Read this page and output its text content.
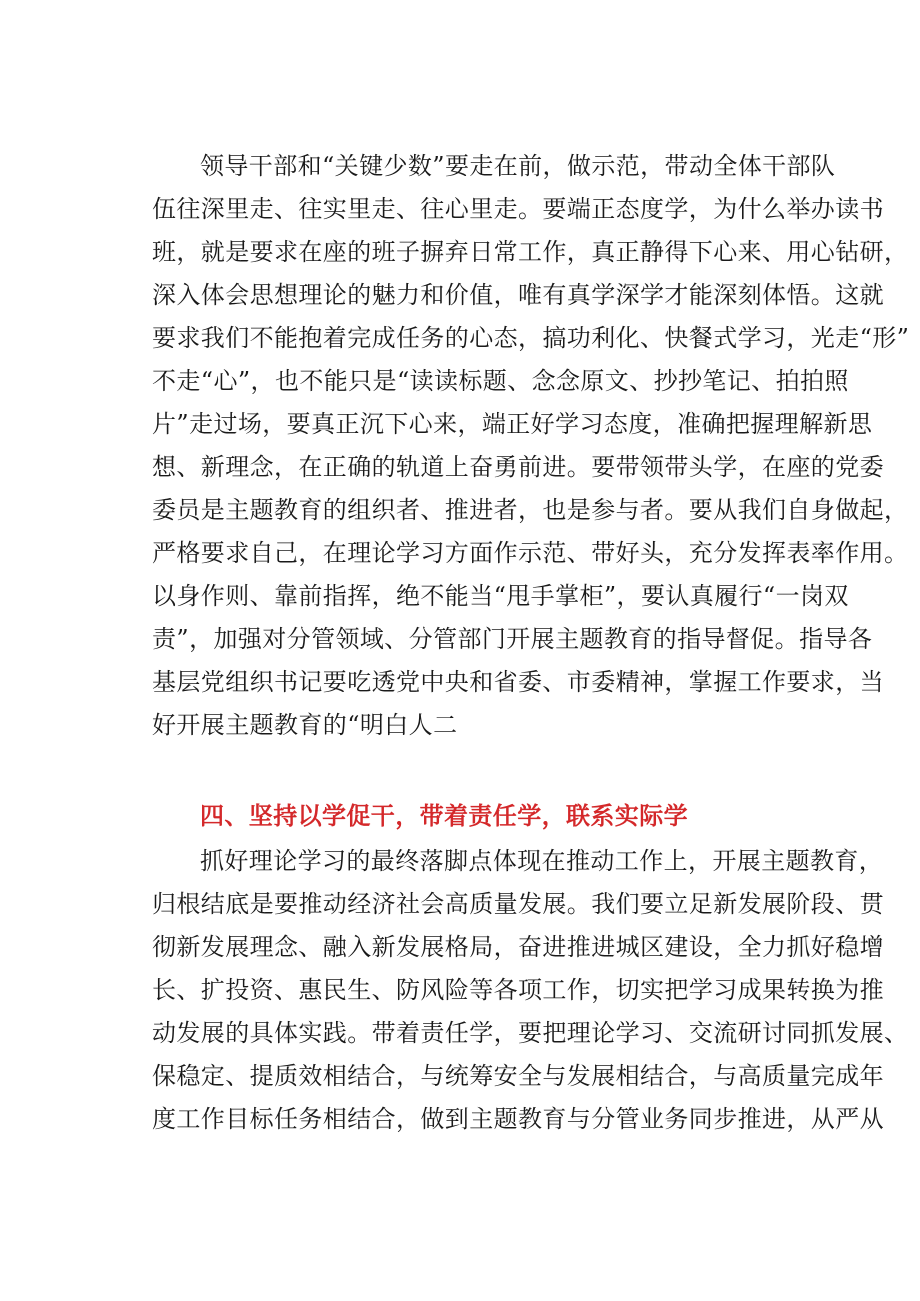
领导干部和“关键少数”要走在前，做示范，带动全体干部队
伍往深里走、往实里走、往心里走。要端正态度学，为什么举办读书
班，就是要求在座的班子摒弃日常工作，真正静得下心来、用心钻研，
深入体会思想理论的魅力和价值，唯有真学深学才能深刻体悟。这就
要求我们不能抱着完成任务的心态，搞功利化、快餐式学习，光走“形”
不走“心”，也不能只是“读读标题、念念原文、抄抄笔记、拍拍照
片”走过场，要真正沉下心来，端正好学习态度，准确把握理解新思
想、新理念，在正确的轨道上奋勇前进。要带领带头学，在座的党委
委员是主题教育的组织者、推进者，也是参与者。要从我们自身做起，
严格要求自己，在理论学习方面作示范、带好头，充分发挥表率作用。
以身作则、靠前指挥，绝不能当“甩手掌柜”，要认真履行“一岗双
责”，加强对分管领域、分管部门开展主题教育的指导督促。指导各
基层党组织书记要吃透党中央和省委、市委精神，掌握工作要求，当
好开展主题教育的“明白人二
四、坚持以学促干，带着责任学，联系实际学
抓好理论学习的最终落脚点体现在推动工作上，开展主题教育，
归根结底是要推动经济社会高质量发展。我们要立足新发展阶段、贯
彻新发展理念、融入新发展格局，奋进推进城区建设，全力抓好稳增
长、扩投资、惠民生、防风险等各项工作，切实把学习成果转换为推
动发展的具体实践。带着责任学，要把理论学习、交流研讨同抓发展、
保稳定、提质效相结合，与统筹安全与发展相结合，与高质量完成年
度工作目标任务相结合，做到主题教育与分管业务同步推进，从严从
